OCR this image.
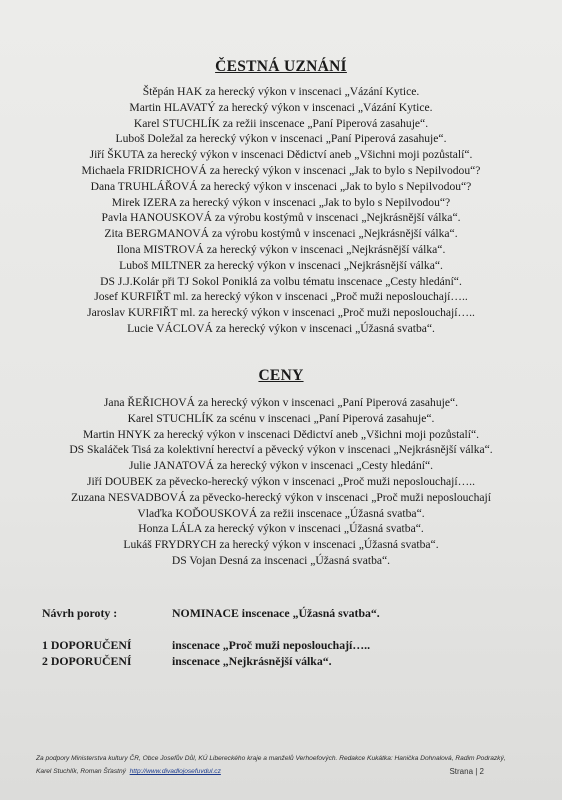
ČESTNÁ UZNÁNÍ
Štěpán HAK za herecký výkon v inscenaci „Vázání Kytice.
Martin HLAVATÝ za herecký výkon v inscenaci „Vázání Kytice.
Karel STUCHLÍK za režii inscenace „Paní Piperová zasahuje“.
Luboš Doležal za herecký výkon v inscenaci „Paní Piperová zasahuje“.
Jiří ŠKUTA za herecký výkon v inscenaci Dědictví aneb „Všichni moji pozůstalí“.
Michaela FRIDRICHOVÁ za herecký výkon v inscenaci „Jak to bylo s Nepilvodou“?
Dana TRUHLÁŘOVÁ za herecký výkon v inscenaci „Jak to bylo s Nepilvodou“?
Mirek IZERA za herecký výkon v inscenaci „Jak to bylo s Nepilvodou“?
Pavla HANOUSKOVÁ za výrobu kostýmů v inscenaci „Nejkrásnější válka“.
Zita BERGMANOVÁ za výrobu kostýmů v inscenaci „Nejkrásnější válka“.
Ilona MISTROVÁ za herecký výkon v inscenaci „Nejkrásnější válka“.
Luboš MILTNER za herecký výkon v inscenaci „Nejkrásnější válka“.
DS J.J.Kolár při TJ Sokol Poniklá za volbu tématu inscenace „Cesty hledání“.
Josef KURFIŘT ml. za herecký výkon v inscenaci „Proč muži neposlouchají…..
Jaroslav KURFIŘT ml. za herecký výkon v inscenaci „Proč muži neposlouchají…..
Lucie VÁCLOVÁ za herecký výkon v inscenaci „Úžasná svatba“.
CENY
Jana ŘEŘICHOVÁ za herecký výkon v inscenaci „Paní Piperová zasahuje“.
Karel STUCHLÍK za scénu v inscenaci „Paní Piperová zasahuje“.
Martin HNYK za herecký výkon v inscenaci Dědictví aneb „Všichni moji pozůstalí“.
DS Skaláček Tisá za kolektivní herectví a pěvecký výkon v inscenaci „Nejkrásnější válka“.
Julie JANATOVÁ za herecký výkon v inscenaci „Cesty hledání“.
Jiří DOUBEK za pěvecko-herecký výkon v inscenaci „Proč muži neposlouchají…..
Zuzana NESVADBOVÁ za pěvecko-herecký výkon v inscenaci „Proč muži neposlouchají
Vlaďka KOĎOUSKOVÁ za režii inscenace „Úžasná svatba“.
Honza LÁLA za herecký výkon v inscenaci „Úžasná svatba“.
Lukáš FRYDRYCH za herecký výkon v inscenaci „Úžasná svatba“.
DS Vojan Desná za inscenaci „Úžasná svatba“.
Návrh poroty :	NOMINACE inscenace „Úžasná svatba“.
1 DOPORUČENÍ	inscenace „Proč muži neposlouchají…..
2 DOPORUČENÍ	inscenace „Nejkrásnější válka“.
Za podpory Ministerstva kultury ČR, Obce Josefův Důl, KÚ Libereckého kraje a manželů Verhoefových. Redakce Kukátka: Hanička Dohnalová, Radim Podrazký,
Karel Stuchlík, Roman Šťastný http://www.divadlojosefuvdul.cz	Strana | 2
